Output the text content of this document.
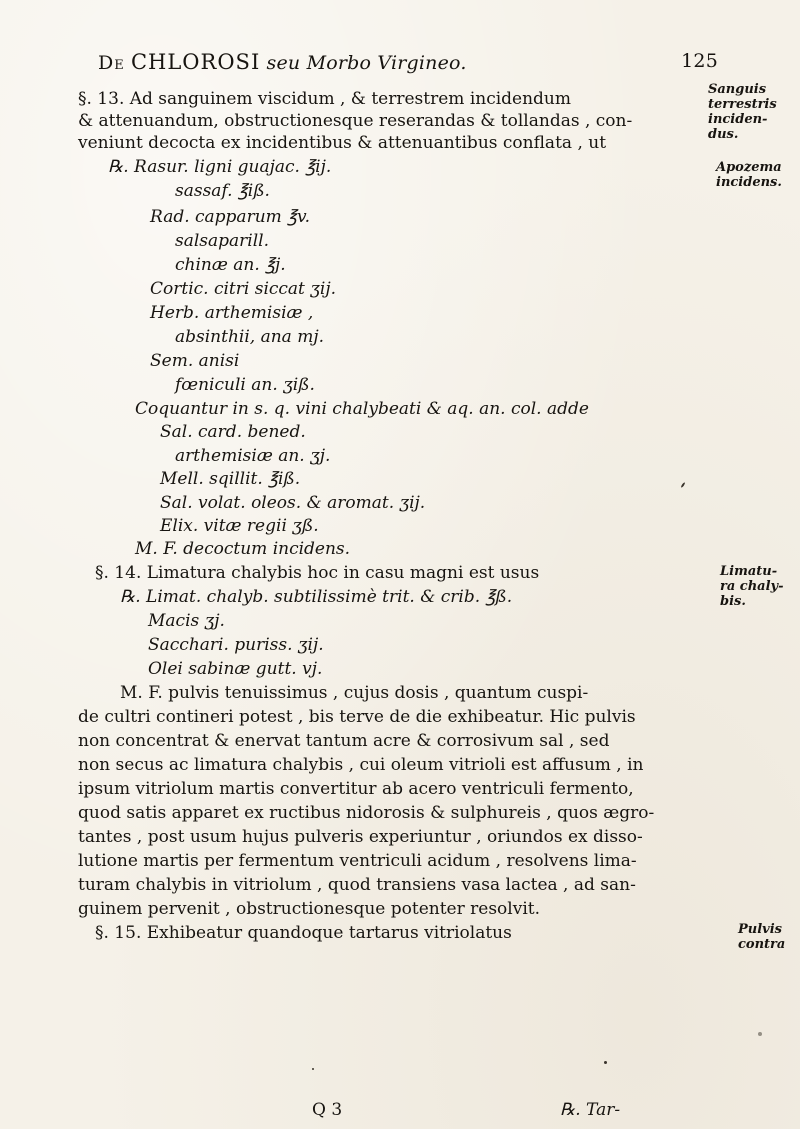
De CHLOROSI seu Morbo Virgineo.	125
§. 13. Ad sanguinem viscidum , & terrestrem incidendum
& attenuandum, obstructionesque reserandas & tollandas , con-
veniunt decocta ex incidentibus & attenuantibus conflata , ut
℞. Rasur. ligni guajac. ℥ij.
sassaf. ℥iß.
Rad. capparum ℥v.
salsaparill.
chinæ an. ℥j.
Cortic. citri siccat ʒij.
Herb. arthemisiæ ,
absinthii, ana mj.
Sem. anisi
fœniculi an. ʒiß.
Coquantur in s. q. vini chalybeati & aq. an. col. adde
Sal. card. bened.
arthemisiæ an. ʒj.
Mell. sqillit. ℥iß.
Sal. volat. oleos. & aromat. ʒij.
Elix. vitæ regii ʒß.
M. F. decoctum incidens.
§. 14. Limatura chalybis hoc in casu magni est usus
℞. Limat. chalyb. subtilissimè trit. & crib. ℥ß.
Macis ʒj.
Sacchari. puriss. ʒij.
Olei sabinæ gutt. vj.
M. F. pulvis tenuissimus , cujus dosis , quantum cuspi-
de cultri contineri potest , bis terve de die exhibeatur. Hic pulvis
non concentrat & enervat tantum acre & corrosivum sal , sed
non secus ac limatura chalybis , cui oleum vitrioli est affusum , in
ipsum vitriolum martis convertitur ab acero ventriculi fermento,
quod satis apparet ex ructibus nidorosis & sulphureis , quos ægro-
tantes , post usum hujus pulveris experiuntur , oriundos ex disso-
lutione martis per fermentum ventriculi acidum , resolvens lima-
turam chalybis in vitriolum , quod transiens vasa lactea , ad san-
guinem pervenit , obstructionesque potenter resolvit.
§. 15. Exhibeatur quandoque tartarus vitriolatus
Sanguis
terrestris
inciden-
dus.
Apozema
incidens.
Limatu-
ra chaly-
bis.
Pulvis
contra
Q 3	℞. Tar-
